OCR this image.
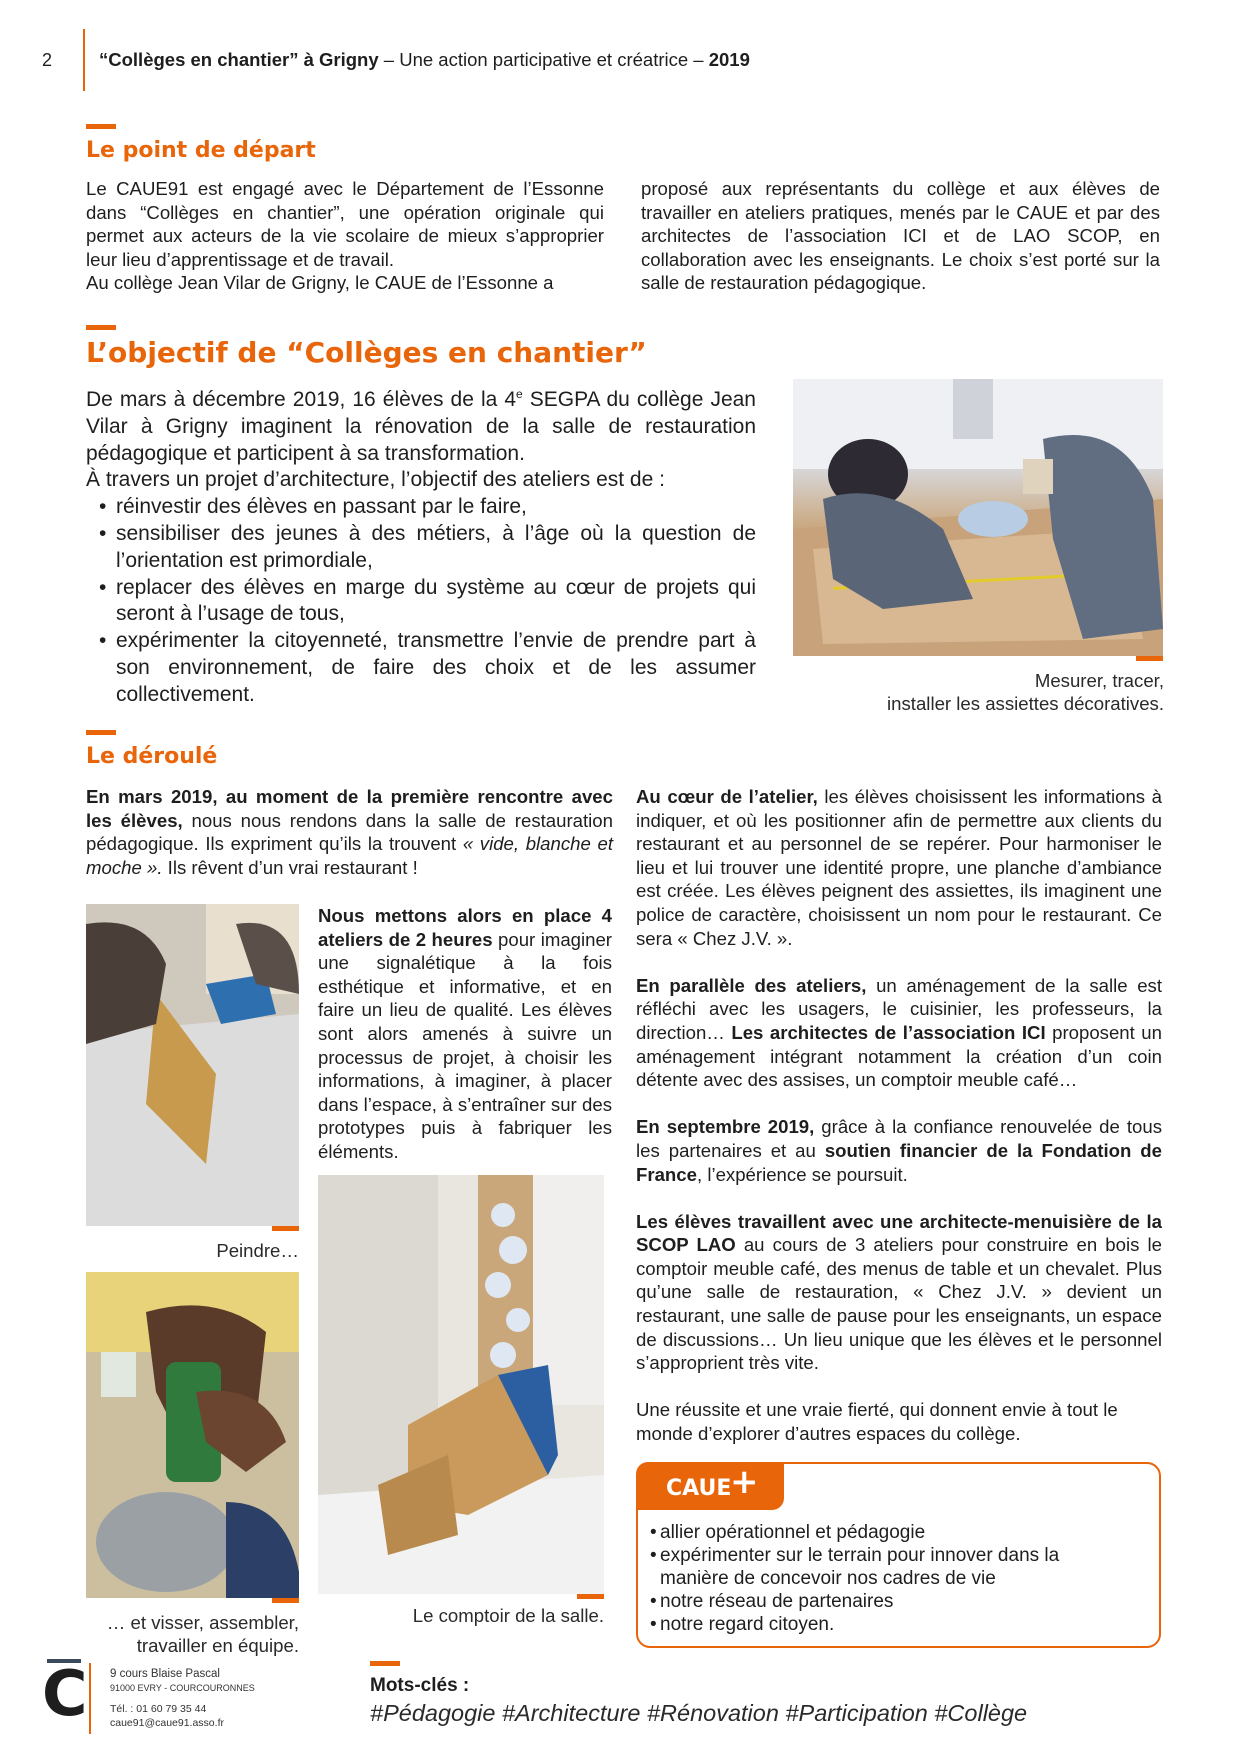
2	“Collèges en chantier” à Grigny – Une action participative et créatrice – 2019
Le point de départ
Le CAUE91 est engagé avec le Département de l’Essonne dans “Collèges en chantier”, une opération originale qui permet aux acteurs de la vie scolaire de mieux s’approprier leur lieu d’apprentissage et de travail.

Au collège Jean Vilar de Grigny, le CAUE de l’Essonne a
proposé aux représentants du collège et aux élèves de travailler en ateliers pratiques, menés par le CAUE et par des architectes de l’association ICI et de LAO SCOP, en collaboration avec les enseignants. Le choix s’est porté sur la salle de restauration pédagogique.
L’objectif de “Collèges en chantier”

De mars à décembre 2019, 16 élèves de la 4e SEGPA du collège Jean Vilar à Grigny imaginent la rénovation de la salle de restauration pédagogique et participent à sa transformation.

À travers un projet d’architecture, l’objectif des ateliers est de :

• réinvestir des élèves en passant par le faire,
• sensibiliser des jeunes à des métiers, à l’âge où la question de l’orientation est primordiale,
• replacer des élèves en marge du système au cœur de projets qui seront à l’usage de tous,
• expérimenter la citoyenneté, transmettre l’envie de prendre part à son environnement, de faire des choix et de les assumer collectivement.
Mesurer, tracer,
installer les assiettes décoratives.
Le déroulé
En mars 2019, au moment de la première rencontre avec les élèves, nous nous rendons dans la salle de restauration pédagogique. Ils expriment qu’ils la trouvent « vide, blanche et moche ». Ils rêvent d’un vrai restaurant !
Peindre…
… et visser, assembler,
travailler en équipe.
Nous mettons alors en place 4 ateliers de 2 heures pour imaginer une signalétique à la fois esthétique et informative, et en faire un lieu de qualité. Les élèves sont alors amenés à suivre un processus de projet, à choisir les informations, à imaginer, à placer dans l’espace, à s’entraîner sur des prototypes puis à fabriquer les éléments.
Le comptoir de la salle.

Au cœur de l’atelier, les élèves choisissent les informations à indiquer, et où les positionner afin de permettre aux clients du restaurant et au personnel de se repérer. Pour harmoniser le lieu et lui trouver une identité propre, une planche d’ambiance est créée. Les élèves peignent des assiettes, ils imaginent une police de caractère, choisissent un nom pour le restaurant. Ce sera « Chez J.V. ».

En parallèle des ateliers, un aménagement de la salle est réfléchi avec les usagers, le cuisinier, les professeurs, la direction… Les architectes de l’association ICI proposent un aménagement intégrant notamment la création d’un coin détente avec des assises, un comptoir meuble café…

En septembre 2019, grâce à la confiance renouvelée de tous les partenaires et au soutien financier de la Fondation de France, l’expérience se poursuit.

Les élèves travaillent avec une architecte-menuisière de la SCOP LAO au cours de 3 ateliers pour construire en bois le comptoir meuble café, des menus de table et un chevalet. Plus qu’une salle de restauration, « Chez J.V. » devient un restaurant, une salle de pause pour les enseignants, un espace de discussions… Un lieu unique que les élèves et le personnel s’approprient très vite.

Une réussite et une vraie fierté, qui donnent envie à tout le monde d’explorer d’autres espaces du collège.

CAUE
+
• allier opérationnel et pédagogie
• expérimenter sur le terrain pour innover dans la manière de concevoir nos cadres de vie
• notre réseau de partenaires
• notre regard citoyen.
C 9 cours Blaise Pascal
91000 EVRY - COURCOURONNES
Tél. : 01 60 79 35 44
caue91@caue91.asso.fr
Mots-clés :
#Pédagogie #Architecture #Rénovation #Participation #Collège
